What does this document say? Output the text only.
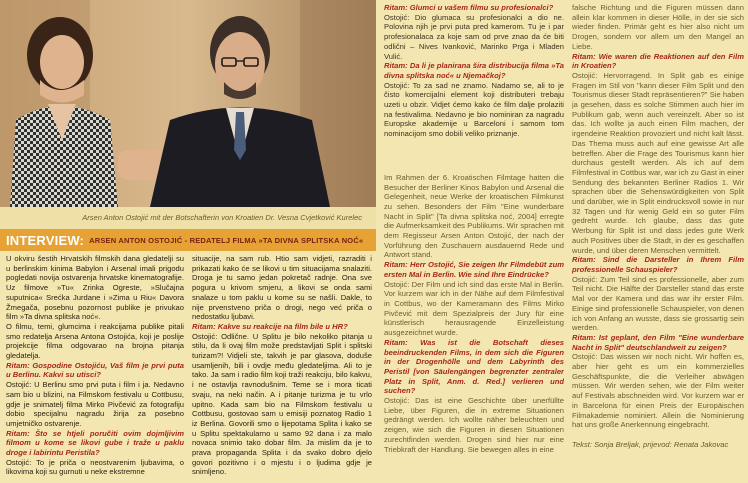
Arsen Anton Ostojić mit der Botschafterin von Kroatien Dr. Vesna Cvjetković Kurelec
INTERVIEW: ARSEN ANTON OSTOJIĆ - REDATELJ FILMA »TA DIVNA SPLITSKA NOĆ«

U okviru šestih Hrvatskih filmskih dana gledatelji su u berlinskim kinima Babylon i Arsenal imali prigodu pogledati novija ostvarenja hrvatske kinematografije. Uz filmove »Tu« Zrinka Ogreste, »Slučajna suputnica« Srećka Jurdane i »Zima u Riu« Davora Žmegača, posebnu pozornost publike je privukao film »Ta divna splitska noć«.

O filmu, temi, glumcima i reakcijama publike pitali smo redatelja Arsena Antona Ostojića, koji je poslije projekcije filma odgovarao na brojna pitanja gledatelja.

Ritam: Gospodine Ostojiću, Vaš film je prvi puta u Berlinu. Kakvi su utisci?

Ostojić: U Berlinu smo prvi puta i film i ja. Nedavno sam bio u blizini, na Filmskom festivalu u Cottbusu, gdje je snimatelj filma Mirko Pivčević za fotografiju dobio specijalnu nagradu žirija za posebno umjetničko ostvarenje.

Ritam: Što se htjeli poručiti ovim dojmljivim filmom u kome se likovi gube i traže u paklu droge i labirintu Peristila?

Ostojić: To je priča o neostvarenim ljubavima, o likovima koji su gurnuti u neke ekstremne

situacije, na sam rub. Htio sam vidjeti, razraditi i prikazati kako će se likovi u tim situacijama snalaziti. Droga je tu samo jedan pokretač radnje. Ona sve pogura u krivom smjeru, a likovi se onda sami snalaze u tom paklu u kome su se našli. Dakle, to nije prvenstveno priča o drogi, nego već priča o nedostatku ljubavi.

Ritam: Kakve su reakcije na film bile u HR?

Ostojić: Odlične. U Splitu je bilo nekoliko pitanja u stilu, da li ovaj film može predstavljati Split i splitski turizam?! Vidjeli ste, takvih je par glasova, doduše usamljenih, bili i ovdje među gledateljima. Ali to je tako. Ja sam i radio film koji traži reakciju, bilo kakvu, i ne ostavlja ravnodušnim. Teme se i mora ticati svaju, na neki način. A i pitanje turizma je tu vrlo upitno. Kada sam bio na Filmskom festivalu u Cottbusu, gostovao sam u emisiji poznatog Radio 1 iz Berlina. Govorili smo o lijepotama Splita i kako se u Splitu spektakularno u samo 92 dana i za malo novaca snimio tako dobar film. Ja mislim da je to prava propaganda Splita i da svako dobro djelo govori pozitivno i o mjestu i o ljudima gdje je snimljeno.

Ritam: Glumci u vašem filmu su profesionalci?

Ostojić: Dio glumaca su profesionalci a dio ne. Polovina njih je prvi puta pred kamerom. Tu je i par profesionalaca za koje sam od prve znao da će biti odlični – Nives Ivanković, Marinko Prga i Mladen Vulić.

Ritam: Da li je planirana šira distribucija filma »Ta divna splitska noć« u Njemačkoj?

Ostojić: To za sad ne znamo. Nadamo se, ali to je čisto komercijalni element koji distributeri trebaju uzeti u obzir. Vidjet ćemo kako će film dalje prolaziti na festivalima. Nedavno je bio nominiran za nagradu Europske akademije u Barceloni i samom tom nominacijom smo dobili veliko priznanje.

Im Rahmen der 6. Kroatischen Filmtage hatten die Besucher der Berliner Kinos Babylon und Arsenal die Gelegenheit, neue Werke der kroatischen Filmkunst zu sehen. Besonders der Film "Eine wunderbare Nacht in Split" [Ta divna splitska noć, 2004] erregte die Aufmerksamkeit des Publikums. Wir sprachen mit dem Regisseur Arsen Anton Ostojić, der nach der Vorführung den Zuschauern ausdauernd Rede und Antwort stand.

Ritam: Herr Ostojić, Sie zeigen Ihr Filmdebüt zum ersten Mal in Berlin. Wie sind Ihre Eindrücke?

Ostojić: Der Film und ich sind das erste Mal in Berlin. Vor kurzem war ich in der Nähe auf dem Filmfestival in Cottbus, wo der Kameramann des Films Mirko Pivčević mit dem Spezialpreis der Jury für eine künstlerisch herausragende Einzelleistung ausgezeichnet wurde.

Ritam: Was ist die Botschaft dieses beeindruckenden Films, in dem sich die Figuren in der Drogenhölle und dem Labyrinth des Peristil [von Säulengängen begrenzter zentraler Platz in Split, Anm. d. Red.] verlieren und suchen?

Ostojić: Das ist eine Geschichte über unerfüllte Liebe, über Figuren, die in extreme Situationen gedrängt werden. Ich wollte näher beleuchten und zeigen, wie sich die Figuren in diesen Situationen zurechtfinden werden. Drogen sind hier nur eine Triebkraft der Handlung. Sie bewegen alles in eine

falsche Richtung und die Figuren müssen dann allein klar kommen in dieser Hölle, in der sie sich wieder finden. Primär geht es hier also nicht um Drogen, sondern vor allem um den Mangel an Liebe.

Ritam: Wie waren die Reaktionen auf den Film in Kroatien?

Ostojić: Hervorragend. In Split gab es einige Fragen im Stil von "kann dieser Film Split und den Tourismus dieser Stadt repräsentieren?" Sie haben ja gesehen, dass es solche Stimmen auch hier im Publikum gab, wenn auch vereinzelt. Aber so ist das. Ich wollte ja auch einen Film machen, der irgendeine Reaktion provoziert und nicht kalt lässt. Das Thema muss auch auf eine gewisse Art alle betreffen. Aber die Frage des Tourismus kann hier durchaus gestellt werden. Als ich auf dem Filmfestival in Cottbus war, war ich zu Gast in einer Sendung des bekannten Berliner Radios 1. Wir sprachen über die Sehenswürdigkeiten von Split und darüber, wie in Split eindrucksvoll sowie in nur 32 Tagen und für wenig Geld ein so guter Film gedreht wurde. Ich glaube, dass das gute Werbung für Split ist und dass jedes gute Werk auch Positives über die Stadt, in der es geschaffen wurde, und über deren Menschen vermittelt.

Ritam: Sind die Darsteller in Ihrem Film professionelle Schauspieler?

Ostojić: Zum Teil sind es professionelle, aber zum Teil nicht. Die Hälfte der Darsteller stand das erste Mal vor der Kamera und das war ihr erster Film. Einige sind professionelle Schauspieler, von denen ich von Anfang an wusste, dass sie grossartig sein werden.

Ritam: Ist geplant, den Film "Eine wunderbare Nacht in Split" deutschlandweit zu zeigen?

Ostojić: Das wissen wir noch nicht. Wir hoffen es, aber hier geht es um ein kommerzielles Geschäftspunkte, die die Verleiher abwägen müssen. Wir werden sehen, wie der Film weiter auf Festivals abschneiden wird. Vor kurzem war er in Barcelona für einen Preis der Europäischen Filmakademie nominiert. Allein die Nominierung hat uns große Anerkennung eingebracht.

Tekst: Sonja Breljak, prijevod: Renata Jakovac
